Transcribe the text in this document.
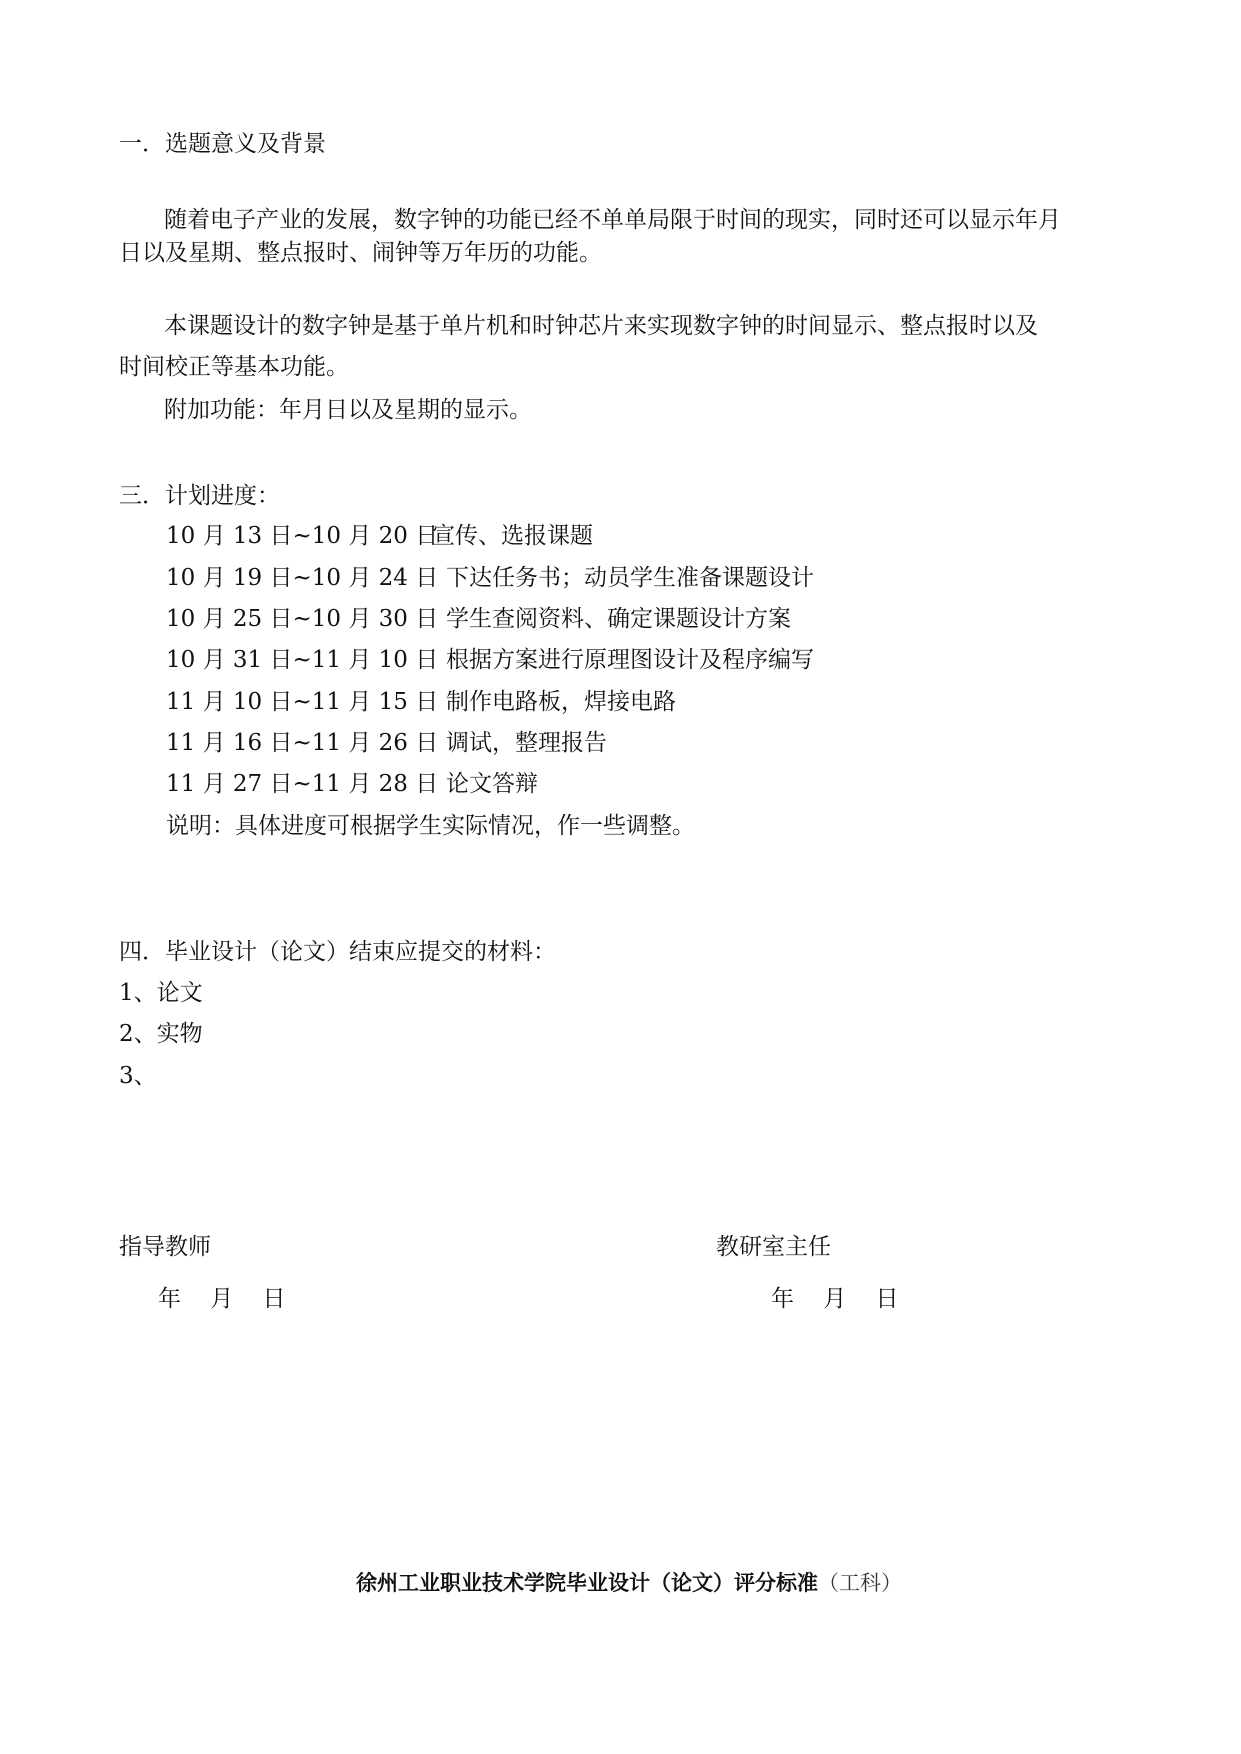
一．选题意义及背景
随着电子产业的发展，数字钟的功能已经不单单局限于时间的现实，同时还可以显示年月
日以及星期、整点报时、闹钟等万年历的功能。
本课题设计的数字钟是基于单片机和时钟芯片来实现数字钟的时间显示、整点报时以及
时间校正等基本功能。
附加功能：年月日以及星期的显示。
三．计划进度：
10 月 13 日~10 月 20 日宣传、选报课题
10 月 19 日~10 月 24 日 下达任务书；动员学生准备课题设计
10 月 25 日~10 月 30 日 学生查阅资料、确定课题设计方案
10 月 31 日~11 月 10 日 根据方案进行原理图设计及程序编写
11 月 10 日~11 月 15 日 制作电路板，焊接电路
11 月 16 日~11 月 26 日 调试，整理报告
11 月 27 日~11 月 28 日 论文答辩
说明：具体进度可根据学生实际情况，作一些调整。
四．毕业设计（论文）结束应提交的材料：
1、论文
2、实物
3、
指导教师	教研室主任
年    月    日	年    月    日
徐州工业职业技术学院毕业设计（论文）评分标准（工科）
